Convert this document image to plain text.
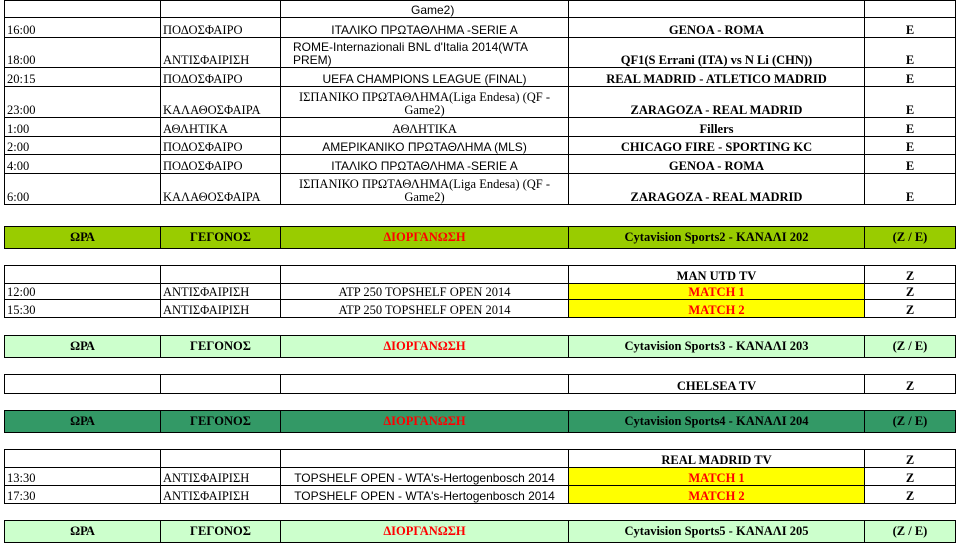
		Game2)		
16:00	ΠΟΔΟΣΦΑΙΡΟ	ΙΤΑΛΙΚΟ ΠΡΩΤΑΘΛΗΜΑ -SERIE A	GENOA - ROMA	E
18:00	ΑΝΤΙΣΦΑΙΡΙΣΗ	ROME-Internazionali BNL d'Italia 2014(WTA PREM)	QF1(S Errani (ITA) vs N Li (CHN))	E
20:15	ΠΟΔΟΣΦΑΙΡΟ	UEFA CHAMPIONS LEAGUE (FINAL)	REAL MADRID - ATLETICO MADRID	E
23:00	ΚΑΛΑΘΟΣΦΑΙΡΑ	ΙΣΠΑΝΙΚΟ ΠΡΩΤΑΘΛΗΜΑ(Liga Endesa) (QF - Game2)	ZARAGOZA - REAL MADRID	E
1:00	ΑΘΛΗΤΙΚΑ	ΑΘΛΗΤΙΚΑ	Fillers	E
2:00	ΠΟΔΟΣΦΑΙΡΟ	ΑΜΕΡΙΚΑΝΙΚΟ ΠΡΩΤΑΘΛΗΜΑ (MLS)	CHICAGO FIRE - SPORTING KC	E
4:00	ΠΟΔΟΣΦΑΙΡΟ	ΙΤΑΛΙΚΟ ΠΡΩΤΑΘΛΗΜΑ -SERIE A	GENOA - ROMA	E
6:00	ΚΑΛΑΘΟΣΦΑΙΡΑ	ΙΣΠΑΝΙΚΟ ΠΡΩΤΑΘΛΗΜΑ(Liga Endesa) (QF - Game2)	ZARAGOZA - REAL MADRID	E

ΩΡΑ	ΓΕΓΟΝΟΣ	ΔΙΟΡΓΑΝΩΣΗ	Cytavision Sports2 - ΚΑΝΑΛΙ 202	(Z / E)

			MAN UTD TV	Z
12:00	ΑΝΤΙΣΦΑΙΡΙΣΗ	ATP 250 TOPSHELF OPEN 2014	MATCH 1	Z
15:30	ΑΝΤΙΣΦΑΙΡΙΣΗ	ATP 250 TOPSHELF OPEN 2014	MATCH 2	Z

ΩΡΑ	ΓΕΓΟΝΟΣ	ΔΙΟΡΓΑΝΩΣΗ	Cytavision Sports3 - ΚΑΝΑΛΙ 203	(Z / E)

			CHELSEA TV	Z

ΩΡΑ	ΓΕΓΟΝΟΣ	ΔΙΟΡΓΑΝΩΣΗ	Cytavision Sports4 - ΚΑΝΑΛΙ 204	(Z / E)

			REAL MADRID TV	Z
13:30	ΑΝΤΙΣΦΑΙΡΙΣΗ	TOPSHELF OPEN - WTA's-Hertogenbosch 2014	MATCH 1	Z
17:30	ΑΝΤΙΣΦΑΙΡΙΣΗ	TOPSHELF OPEN - WTA's-Hertogenbosch 2014	MATCH 2	Z

ΩΡΑ	ΓΕΓΟΝΟΣ	ΔΙΟΡΓΑΝΩΣΗ	Cytavision Sports5 - ΚΑΝΑΛΙ 205	(Z / E)
